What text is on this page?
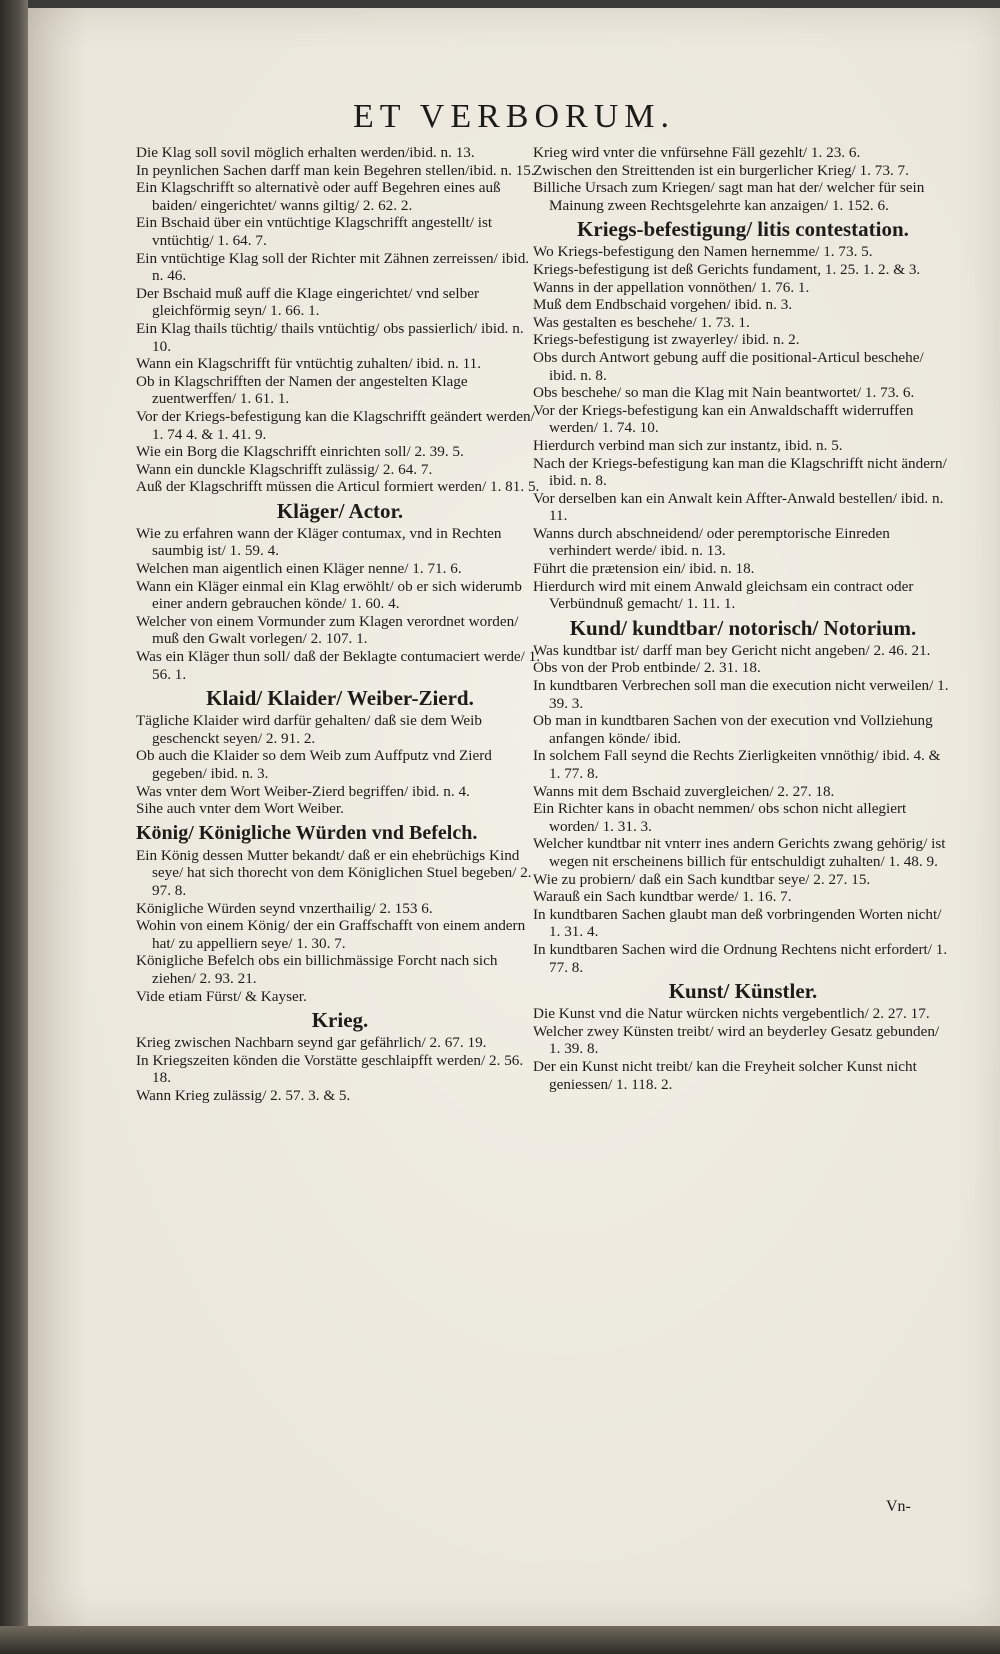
ET VERBORUM.
Die Klag soll sovil möglich erhalten werden/ibid. n. 13.
In peynlichen Sachen darff man kein Begehren stellen/ibid. n. 15.
Ein Klagschrifft so alternativè oder auff Begehren eines auß baiden/ eingerichtet/ wanns giltig/ 2. 62. 2.
Ein Bschaid über ein vntüchtige Klagschrifft angestellt/ ist vntüchtig/ 1. 64. 7.
Ein vntüchtige Klag soll der Richter mit Zähnen zerreissen/ ibid. n. 46.
Der Bschaid muß auff die Klage eingerichtet/ vnd selber gleichförmig seyn/ 1. 66. 1.
Ein Klag thails tüchtig/ thails vntüchtig/ obs passierlich/ ibid. n. 10.
Wann ein Klagschrifft für vntüchtig zuhalten/ ibid. n. 11.
Ob in Klagschrifften der Namen der angestelten Klage zuentwerffen/ 1. 61. 1.
Vor der Kriegs-befestigung kan die Klagschrifft geändert werden/ 1. 74 4. & 1. 41. 9.
Wie ein Borg die Klagschrifft einrichten soll/ 2. 39. 5.
Wann ein dunckle Klagschrifft zulässig/ 2. 64. 7.
Auß der Klagschrifft müssen die Articul formiert werden/ 1. 81. 5.
Kläger/ Actor.
Wie zu erfahren wann der Kläger contumax, vnd in Rechten saumbig ist/ 1. 59. 4.
Welchen man aigentlich einen Kläger nenne/ 1. 71. 6.
Wann ein Kläger einmal ein Klag erwöhlt/ ob er sich widerumb einer andern gebrauchen könde/ 1. 60. 4.
Welcher von einem Vormunder zum Klagen verordnet worden/ muß den Gwalt vorlegen/ 2. 107. 1.
Was ein Kläger thun soll/ daß der Beklagte contumaciert werde/ 1. 56. 1.
Klaid/ Klaider/ Weiber-Zierd.
Tägliche Klaider wird darfür gehalten/ daß sie dem Weib geschenckt seyen/ 2. 91. 2.
Ob auch die Klaider so dem Weib zum Auffputz vnd Zierd gegeben/ ibid. n. 3.
Was vnter dem Wort Weiber-Zierd begriffen/ ibid. n. 4.
Sihe auch vnter dem Wort Weiber.
König/ Königliche Würden vnd Befelch.
Ein König dessen Mutter bekandt/ daß er ein ehebrüchigs Kind seye/ hat sich thorecht von dem Königlichen Stuel begeben/ 2. 97. 8.
Königliche Würden seynd vnzerthailig/ 2. 153 6.
Wohin von einem König/ der ein Graffschafft von einem andern hat/ zu appelliern seye/ 1. 30. 7.
Königliche Befelch obs ein billichmässige Forcht nach sich ziehen/ 2. 93. 21.
Vide etiam Fürst/ & Kayser.
Krieg.
Krieg zwischen Nachbarn seynd gar gefährlich/ 2. 67. 19.
In Kriegszeiten könden die Vorstätte geschlaipfft werden/ 2. 56. 18.
Wann Krieg zulässig/ 2. 57. 3. & 5.
Krieg wird vnter die vnfürsehne Fäll gezehlt/ 1. 23. 6.
Zwischen den Streittenden ist ein burgerlicher Krieg/ 1. 73. 7.
Billiche Ursach zum Kriegen/ sagt man hat der/ welcher für sein Mainung zween Rechtsgelehrte kan anzaigen/ 1. 152. 6.
Kriegs-befestigung/ litis contestation.
Wo Kriegs-befestigung den Namen hernemme/ 1. 73. 5.
Kriegs-befestigung ist deß Gerichts fundament, 1. 25. 1. 2. & 3.
Wanns in der appellation vonnöthen/ 1. 76. 1.
Muß dem Endbschaid vorgehen/ ibid. n. 3.
Was gestalten es beschehe/ 1. 73. 1.
Kriegs-befestigung ist zwayerley/ ibid. n. 2.
Obs durch Antwort gebung auff die positional-Articul beschehe/ ibid. n. 8.
Obs beschehe/ so man die Klag mit Nain beantwortet/ 1. 73. 6.
Vor der Kriegs-befestigung kan ein Anwaldschafft widerruffen werden/ 1. 74. 10.
Hierdurch verbind man sich zur instantz, ibid. n. 5.
Nach der Kriegs-befestigung kan man die Klagschrifft nicht ändern/ ibid. n. 8.
Vor derselben kan ein Anwalt kein Affter-Anwald bestellen/ ibid. n. 11.
Wanns durch abschneidend/ oder peremptorische Einreden verhindert werde/ ibid. n. 13.
Führt die prætension ein/ ibid. n. 18.
Hierdurch wird mit einem Anwald gleichsam ein contract oder Verbündnuß gemacht/ 1. 11. 1.
Kund/ kundtbar/ notorisch/ Notorium.
Was kundtbar ist/ darff man bey Gericht nicht angeben/ 2. 46. 21.
Obs von der Prob entbinde/ 2. 31. 18.
In kundtbaren Verbrechen soll man die execution nicht verweilen/ 1. 39. 3.
Ob man in kundtbaren Sachen von der execution vnd Vollziehung anfangen könde/ ibid.
In solchem Fall seynd die Rechts Zierligkeiten vnnöthig/ ibid. 4. & 1. 77. 8.
Wanns mit dem Bschaid zuvergleichen/ 2. 27. 18.
Ein Richter kans in obacht nemmen/ obs schon nicht allegiert worden/ 1. 31. 3.
Welcher kundtbar nit vnterr ines andern Gerichts zwang gehörig/ ist wegen nit erscheinens billich für entschuldigt zuhalten/ 1. 48. 9.
Wie zu probiern/ daß ein Sach kundtbar seye/ 2. 27. 15.
Warauß ein Sach kundtbar werde/ 1. 16. 7.
In kundtbaren Sachen glaubt man deß vorbringenden Worten nicht/ 1. 31. 4.
In kundtbaren Sachen wird die Ordnung Rechtens nicht erfordert/ 1. 77. 8.
Kunst/ Künstler.
Die Kunst vnd die Natur würcken nichts vergebentlich/ 2. 27. 17.
Welcher zwey Künsten treibt/ wird an beyderley Gesatz gebunden/ 1. 39. 8.
Der ein Kunst nicht treibt/ kan die Freyheit solcher Kunst nicht geniessen/ 1. 118. 2.
Vn-
